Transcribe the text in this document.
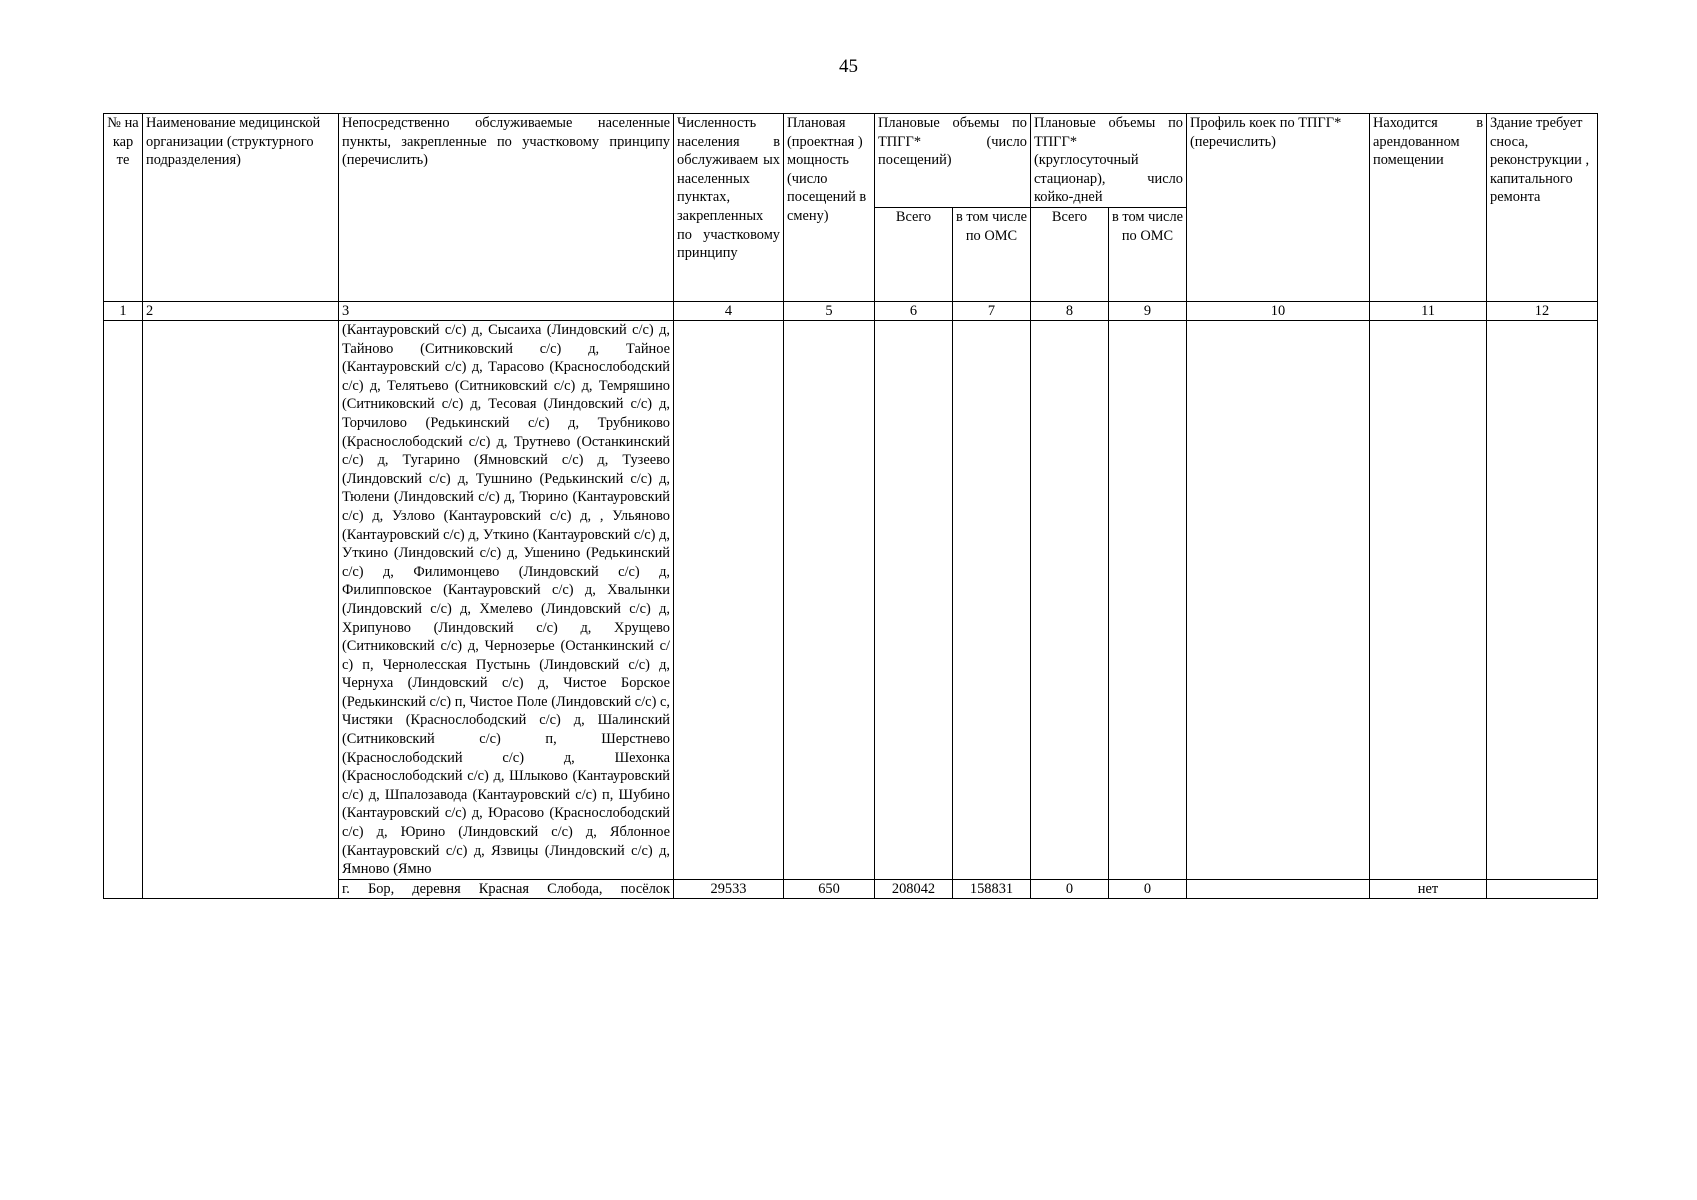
45
№ на кар те	Наименование медицинской организации (структурного подразделения)	Непосредственно обслуживаемые населенные пункты, закрепленные по участковому принципу (перечислить)	Численность населения в обслуживаем ых населенных пунктах, закрепленных по участковому принципу	Плановая (проектная ) мощность (число посещений в смену)	Плановые объемы по ТПГГ* (число посещений)		Плановые объемы по ТПГГ* (круглосуточный стационар), число койко-дней		Профиль коек по ТПГГ* (перечислить)	Находится в арендованном помещении	Здание требует сноса, реконструкции , капитального ремонта
					Всего	в том числе по ОМС	Всего	в том числе по ОМС			
1	2	3	4	5	6	7	8	9	10	11	12
		(Кантауровский с/с) д, Сысаиха (Линдовский с/с) д, Тайново (Ситниковский с/с) д, Тайное (Кантауровский с/с) д, Тарасово (Краснослободский с/с) д, Телятьево (Ситниковский с/с) д, Темряшино (Ситниковский с/с) д, Тесовая (Линдовский с/с) д, Торчилово (Редькинский с/с) д, Трубниково (Краснослободский с/с) д, Трутнево (Останкинский с/с) д, Тугарино (Ямновский с/с) д, Тузеево (Линдовский с/с) д, Тушнино (Редькинский с/с) д, Тюлени (Линдовский с/с) д, Тюрино (Кантауровский с/с) д, Узлово (Кантауровский с/с) д, , Ульяново (Кантауровский с/с) д, Уткино (Кантауровский с/с) д, Уткино (Линдовский с/с) д, Ушенино (Редькинский с/с) д, Филимонцево (Линдовский с/с) д, Филипповское (Кантауровский с/с) д, Хвалынки (Линдовский с/с) д, Хмелево (Линдовский с/с) д, Хрипуново (Линдовский с/с) д, Хрущево (Ситниковский с/с) д, Чернозерье (Останкинский с/с) п, Чернолесская Пустынь (Линдовский с/с) д, Чернуха (Линдовский с/с) д, Чистое Борское (Редькинский с/с) п, Чистое Поле (Линдовский с/с) с, Чистяки (Краснослободский с/с) д, Шалинский (Ситниковский с/с) п, Шерстнево (Краснослободский с/с) д, Шехонка (Краснослободский с/с) д, Шлыково (Кантауровский с/с) д, Шпалозавода (Кантауровский с/с) п, Шубино (Кантауровский с/с) д, Юрасово (Краснослободский с/с) д, Юрино (Линдовский с/с) д, Яблонное (Кантауровский с/с) д, Язвицы (Линдовский с/с) д, Ямново (Ямно									
		г. Бор, деревня Красная Слобода, посёлок	29533	650	208042	158831	0	0		нет	
